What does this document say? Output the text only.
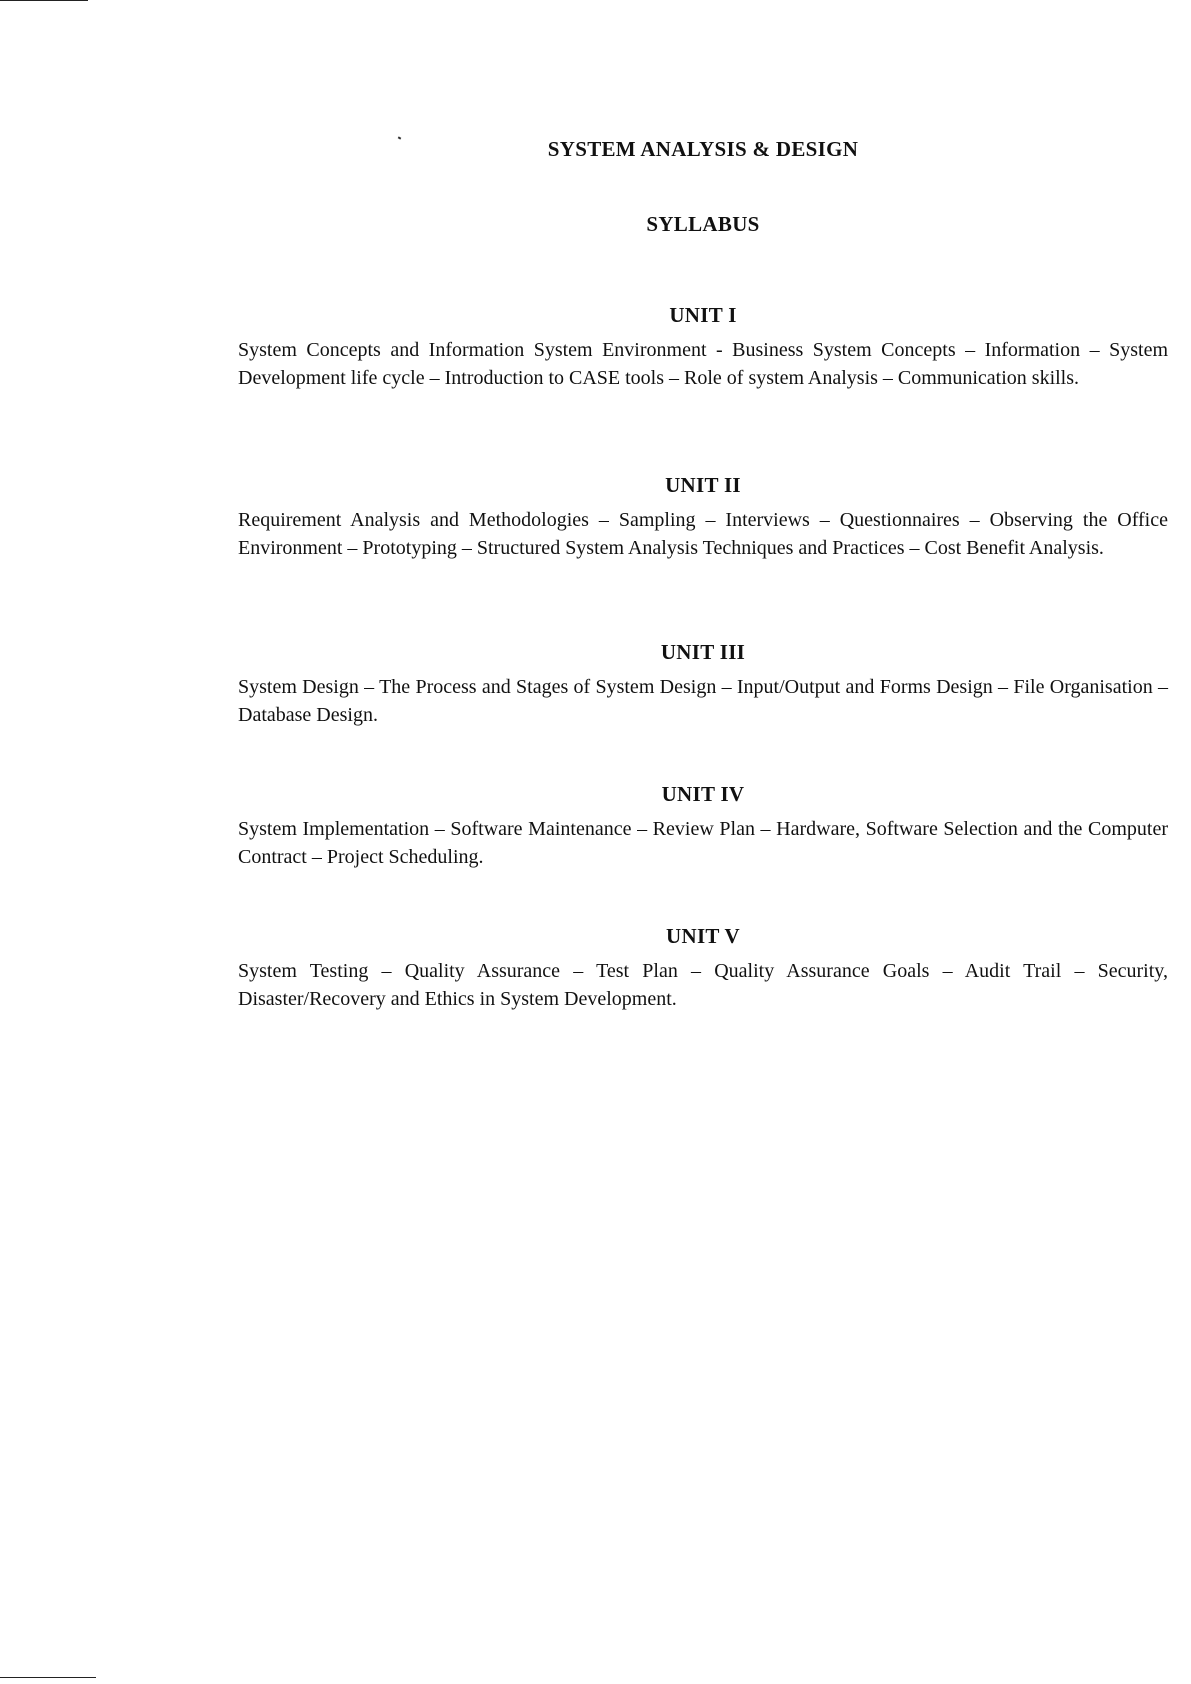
SYSTEM ANALYSIS & DESIGN
SYLLABUS
UNIT I

System Concepts and Information System Environment - Business System Concepts – Information – System Development life cycle – Introduction to CASE tools – Role of system Analysis – Communication skills.

UNIT II

Requirement Analysis and Methodologies – Sampling – Interviews – Questionnaires – Observing the Office Environment – Prototyping – Structured System Analysis Techniques and Practices – Cost Benefit Analysis.

UNIT III

System Design – The Process and Stages of System Design – Input/Output and Forms Design – File Organisation – Database Design.

UNIT IV

System Implementation – Software Maintenance – Review Plan – Hardware, Software Selection and the Computer Contract – Project Scheduling.

UNIT V

System Testing – Quality Assurance – Test Plan – Quality Assurance Goals – Audit Trail – Security, Disaster/Recovery and Ethics in System Development.
